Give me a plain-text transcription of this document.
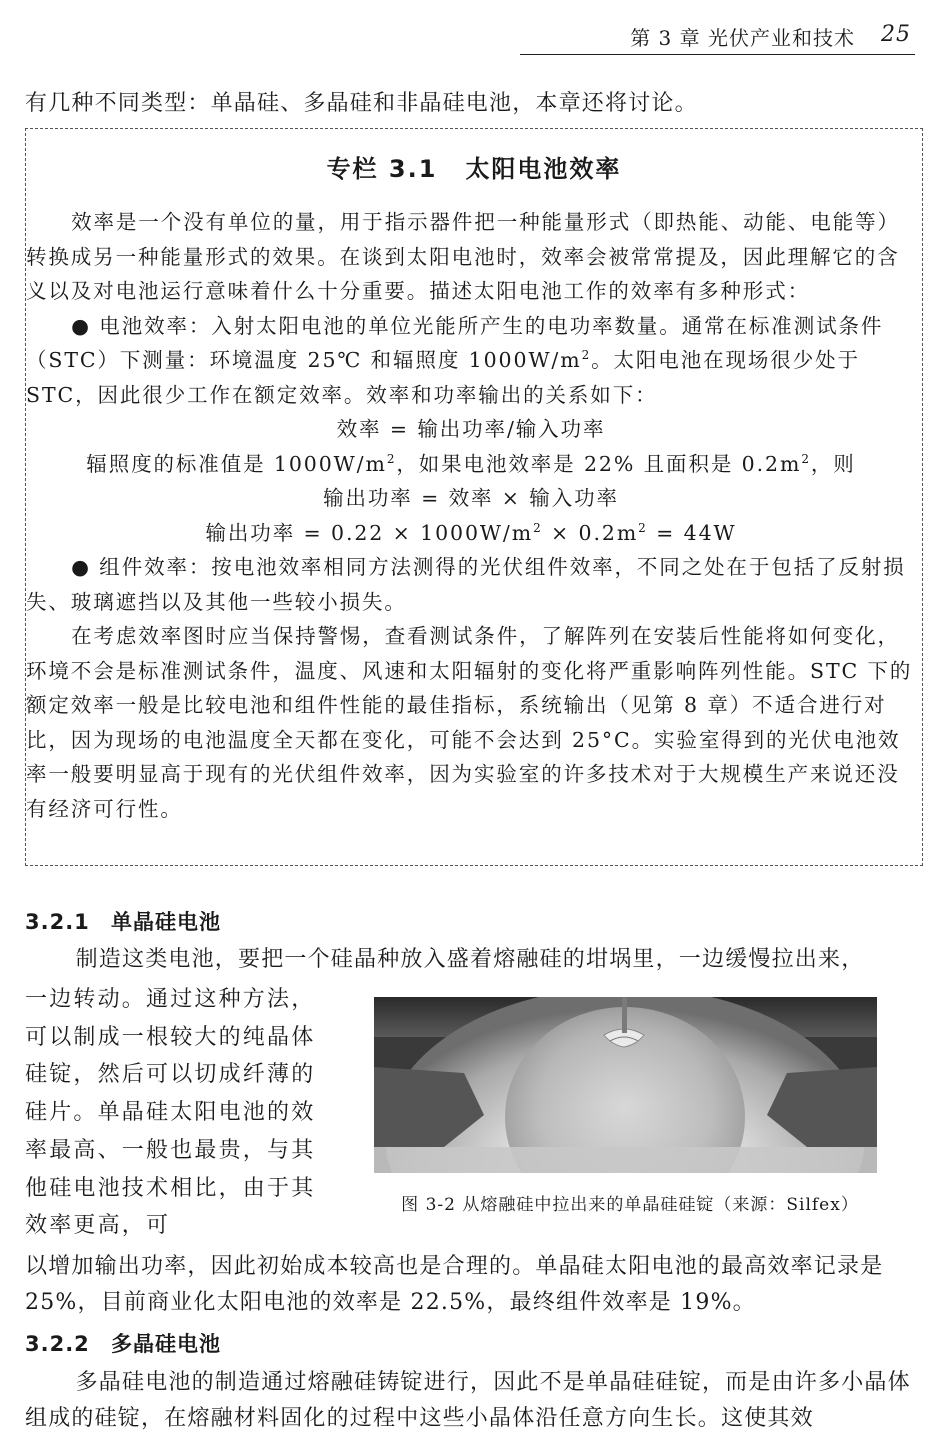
第 3 章 光伏产业和技术 25
有几种不同类型：单晶硅、多晶硅和非晶硅电池，本章还将讨论。
专栏 3.1 太阳电池效率

效率是一个没有单位的量，用于指示器件把一种能量形式（即热能、动能、电能等）转换成另一种能量形式的效果。在谈到太阳电池时，效率会被常常提及，因此理解它的含义以及对电池运行意味着什么十分重要。描述太阳电池工作的效率有多种形式：

● 电池效率：入射太阳电池的单位光能所产生的电功率数量。通常在标准测试条件（STC）下测量：环境温度 25℃ 和辐照度 $1000W/m^2$。太阳电池在现场很少处于 STC，因此很少工作在额定效率。效率和功率输出的关系如下：

效率 = 输出功率/输入功率

辐照度的标准值是 $1000W/m^2$，如果电池效率是 22% 且面积是 $0.2m^2$，则

输出功率 = 效率 × 输入功率

输出功率 = $0.22 \times 1000W/m^2 \times 0.2m^2 = 44W$

● 组件效率：按电池效率相同方法测得的光伏组件效率，不同之处在于包括了反射损失、玻璃遮挡以及其他一些较小损失。

在考虑效率图时应当保持警惕，查看测试条件，了解阵列在安装后性能将如何变化，环境不会是标准测试条件，温度、风速和太阳辐射的变化将严重影响阵列性能。STC 下的额定效率一般是比较电池和组件性能的最佳指标，系统输出（见第 8 章）不适合进行对比，因为现场的电池温度全天都在变化，可能不会达到 25°C。实验室得到的光伏电池效率一般要明显高于现有的光伏组件效率，因为实验室的许多技术对于大规模生产来说还没有经济可行性。

3.2.1 单晶硅电池
制造这类电池，要把一个硅晶种放入盛着熔融硅的坩埚里，一边缓慢拉出来，
一边转动。通过这种方法，可以制成一根较大的纯晶体硅锭，然后可以切成纤薄的硅片。单晶硅太阳电池的效率最高、一般也最贵，与其他硅电池技术相比，由于其效率更高，可
图 3-2 从熔融硅中拉出来的单晶硅硅锭（来源：Silfex）
以增加输出功率，因此初始成本较高也是合理的。单晶硅太阳电池的最高效率记录是 25%，目前商业化太阳电池的效率是 22.5%，最终组件效率是 19%。
3.2.2 多晶硅电池
多晶硅电池的制造通过熔融硅铸锭进行，因此不是单晶硅硅锭，而是由许多小晶体组成的硅锭，在熔融材料固化的过程中这些小晶体沿任意方向生长。这使其效
